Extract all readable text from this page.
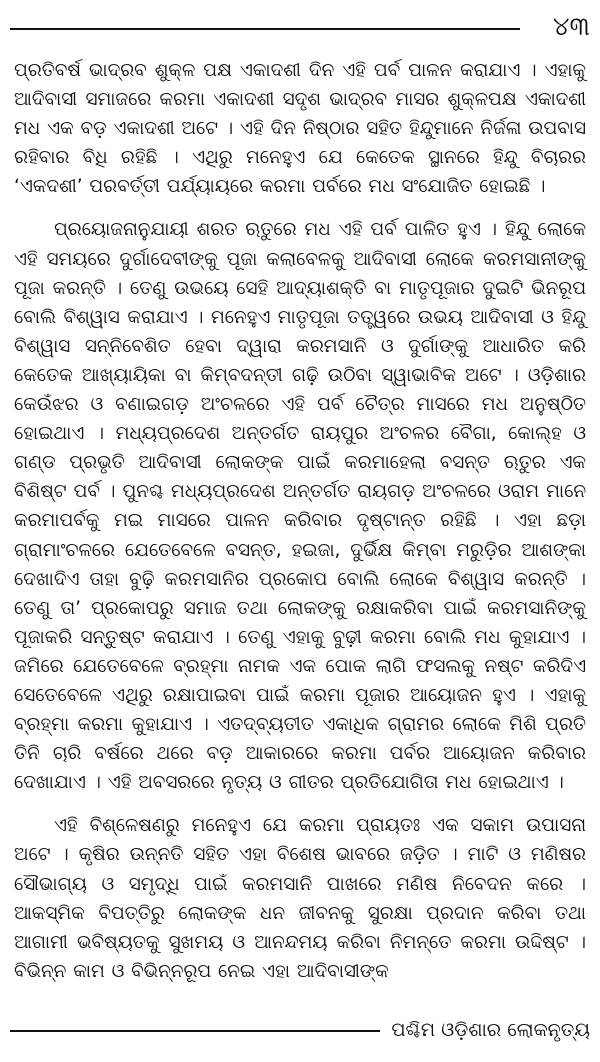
୪୩

ପ୍ରତିବର୍ଷ ଭାଦ୍ରବ ଶୁକ୍ଳ ପକ୍ଷ ଏକାଦଶୀ ଦିନ ଏହି ପର୍ବ ପାଳନ କରାଯାଏ । ଏହାକୁ ଆଦିବାସୀ ସମାଜରେ କରମା ଏକାଦଶୀ ସଦୃଶ ଭାଦ୍ରବ ମାସର ଶୁକ୍ଳପକ୍ଷ ଏକାଦଶୀ ମଧ ଏକ ବଡ଼ ଏକାଦଶୀ ଅଟେ । ଏହି ଦିନ ନିଷ୍ଠାର ସହିତ ହିନ୍ଦୁମାନେ ନିର୍ଜଳା ଉପବାସ ରହିବାର ବିଧି ରହିଛି । ଏଥିରୁ ମନେହୁଏ ଯେ କେତେକ ସ୍ଥାନରେ ହିନ୍ଦୁ ବିଚାରର ‘ଏକଦଶୀ’ ପରବର୍ତ୍ତୀ ପର୍ଯ୍ୟାୟରେ କରମା ପର୍ବରେ ମଧ ସଂଯୋଜିତ ହୋଇଛି ।

ପ୍ରୟୋଜନାନୁଯାୟୀ ଶରତ ଋତୁରେ ମଧ ଏହି ପର୍ବ ପାଳିତ ହୁଏ । ହିନ୍ଦୁ ଲୋକେ ଏହି ସମୟରେ ଦୁର୍ଗାଦେବୀଙ୍କୁ ପୂଜା କଲାବେଳକୁ ଆଦିବାସୀ ଲୋକେ କରମସାନୀଙ୍କୁ ପୂଜା କରନ୍ତି । ତେଣୁ ଉଭୟେ ସେହି ଆଦ୍ୟାଶକ୍ତି ବା ମାତୃପୂଜାର ଦୁଇଟି ଭିନରୂପ ବୋଲି ବିଶ୍ୱାସ କରାଯାଏ । ମନେହୁଏ ମାତୃପୂଜା ତତ୍ତ୍ୱରେ ଉଭୟ ଆଦିବାସୀ ଓ ହିନ୍ଦୁ ବିଶ୍ୱାସ ସନ୍ନିବେଶିତ ହେବା ଦ୍ୱାରା କରମସାନି ଓ ଦୁର୍ଗାଙ୍କୁ ଆଧାରିତ କରି କେତେକ ଆଖ୍ୟାୟିକା ବା କିମ୍ବଦନ୍ତୀ ଗଢ଼ି ଉଠିବା ସ୍ୱାଭାବିକ ଅଟେ । ଓଡ଼ିଶାର କେଉଁଝର ଓ ବଣାଇଗଡ଼ ଅଂଚଳରେ ଏହି ପର୍ବ ଚୈତ୍ର ମାସରେ ମଧ ଅନୁଷ୍ଠିତ ହୋଇଥାଏ । ମଧ୍ୟପ୍ରଦେଶ ଅନ୍ତର୍ଗତ ରାୟପୁର ଅଂଚଳର ବୈଗା, କୋଲ୍ହ ଓ ଗଣ୍ଡ ପ୍ରଭୃତି ଆଦିବାସୀ ଲୋକଙ୍କ ପାଇଁ କରମାହେଲା ବସନ୍ତ ଋତୁର ଏକ ବିଶିଷ୍ଟ ପର୍ବ । ପୁନଶ୍ଚ ମଧ୍ୟପ୍ରଦେଶ ଅନ୍ତର୍ଗତ ରାୟଗଡ଼ ଅଂଚଳରେ ଓରାମ ମାନେ କରମାପର୍ବକୁ ମଇ ମାସରେ ପାଳନ କରିବାର ଦୃଷ୍ଟାନ୍ତ ରହିଛି । ଏହା ଛଡ଼ା ଗ୍ରାମାଂଚଳରେ ଯେତେବେଳେ ବସନ୍ତ, ହଇଜା, ଦୁର୍ଭିକ୍ଷ କିମ୍ବା ମରୁଡ଼ିର ଆଶଙ୍କା ଦେଖାଦିଏ ତାହା ବୁଢ଼ି କରମସାନିର ପ୍ରକୋପ ବୋଲି ଲୋକେ ବିଶ୍ୱାସ କରନ୍ତି । ତେଣୁ ତା’ ପ୍ରକୋପରୁ ସମାଜ ତଥା ଲୋକଙ୍କୁ ରକ୍ଷାକରିବା ପାଇଁ କରମସାନିଙ୍କୁ ପୂଜାକରି ସନ୍ତୁଷ୍ଟ କରାଯାଏ । ତେଣୁ ଏହାକୁ ବୁଢ଼ୀ କରମା ବୋଲି ମଧ କୁହାଯାଏ । ଜମିରେ ଯେତେବେଳେ ବ୍ରହ୍ମା ନାମକ ଏକ ପୋକ ଲାଗି ଫସଲକୁ ନଷ୍ଟ କରିଦିଏ ସେତେବେଳେ ଏଥିରୁ ରକ୍ଷାପାଇବା ପାଇଁ କରମା ପୂଜାର ଆୟୋଜନ ହୁଏ । ଏହାକୁ ବ୍ରହ୍ମା କରମା କୁହାଯାଏ । ଏତଦ୍‌ବ୍ୟତୀତ ଏକାଧିକ ଗ୍ରାମର ଲୋକେ ମିଶି ପ୍ରତି ତିନି ଚାରି ବର୍ଷରେ ଥରେ ବଡ଼ ଆକାରରେ କରମା ପର୍ବର ଆୟୋଜନ କରିବାର ଦେଖାଯାଏ । ଏହି ଅବସରରେ ନୃତ୍ୟ ଓ ଗୀତର ପ୍ରତିଯୋଗିତା ମଧ ହୋଇଥାଏ ।

ଏହି ବିଶ୍ଳେଷଣରୁ ମନେହୁଏ ଯେ କରମା ପ୍ରାୟତଃ ଏକ ସକାମ ଉପାସନା ଅଟେ । କୃଷିର ଉନ୍ନତି ସହିତ ଏହା ବିଶେଷ ଭାବରେ ଜଡ଼ିତ । ମାଟି ଓ ମଣିଷର ସୌଭାଗ୍ୟ ଓ ସମୃଦ୍ଧି ପାଇଁ କରମସାନି ପାଖରେ ମଣିଷ ନିବେଦନ କରେ । ଆକସ୍ମିକ ବିପତ୍ତିରୁ ଲୋକଙ୍କ ଧନ ଜୀବନକୁ ସୁରକ୍ଷା ପ୍ରଦାନ କରିବା ତଥା ଆଗାମୀ ଭବିଷ୍ୟତକୁ ସୁଖମୟ ଓ ଆନନ୍ଦମୟ କରିବା ନିମନ୍ତେ କରମା ଉଦ୍ଦିଷ୍ଟ । ବିଭିନ୍ନ କାମ ଓ ବିଭିନ୍ନରୂପ ନେଇ ଏହା ଆଦିବାସୀଙ୍କ

ପଶ୍ଚିମ ଓଡ଼ିଶାର ଲୋକନୃତ୍ୟ
